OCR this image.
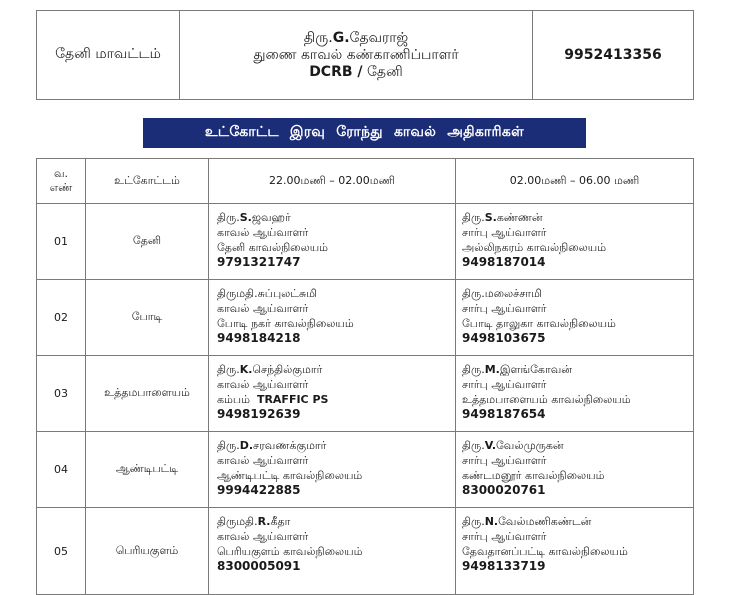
தேனி மாவட்டம்	
திரு.G.தேவராஜ்
துணை காவல் கண்காணிப்பாளர்
DCRB / தேனி
	9952413356
உட்கோட்ட இரவு ரோந்து காவல் அதிகாரிகள்
வ.
எண்	உட்கோட்டம்	22.00மணி – 02.00மணி	02.00மணி – 06.00 மணி
01	தேனி	திரு.S.ஜவஹர்
காவல் ஆய்வாளர்
தேனி காவல்நிலையம்
9791321747	திரு.S.கண்ணன்
சார்பு ஆய்வாளர்
அல்லிநகரம் காவல்நிலையம்
9498187014

02	போடி	திருமதி.சுப்புலட்சுமி
காவல் ஆய்வாளர்
போடி நகர் காவல்நிலையம்
9498184218	திரு.மலைச்சாமி
சார்பு ஆய்வாளர்
போடி தாலுகா காவல்நிலையம்
9498103675

03	உத்தமபாளையம்	திரு.K.செந்தில்குமார்
காவல் ஆய்வாளர்
கம்பம் TRAFFIC PS
9498192639	திரு.M.இளங்கோவன்
சார்பு ஆய்வாளர்
உத்தமபாளையம் காவல்நிலையம்
9498187654

04	ஆண்டிபட்டி	திரு.D.சரவணக்குமார்
காவல் ஆய்வாளர்
ஆண்டிபட்டி காவல்நிலையம்
9994422885	திரு.V.வேல்முருகன்
சார்பு ஆய்வாளர்
கண்டமனூர் காவல்நிலையம்
8300020761

05	பெரியகுளம்	திருமதி.R.கீதா
காவல் ஆய்வாளர்
பெரியகுளம் காவல்நிலையம்
8300005091	திரு.N.வேல்மணிகண்டன்
சார்பு ஆய்வாளர்
தேவதானப்பட்டி காவல்நிலையம்
9498133719
